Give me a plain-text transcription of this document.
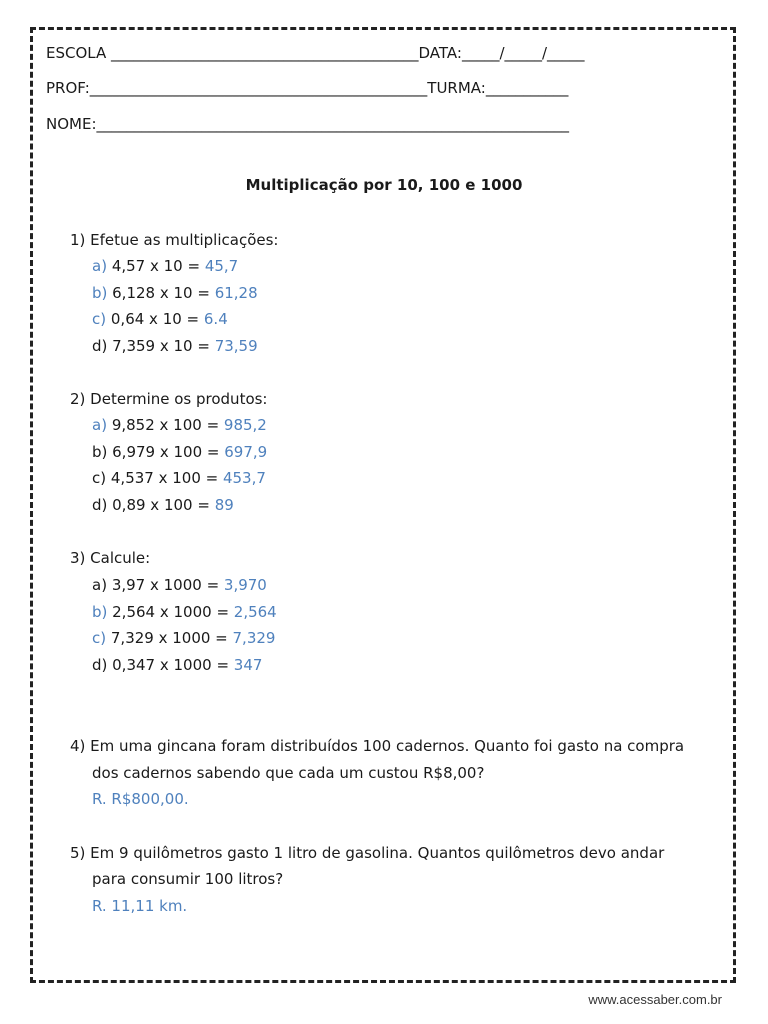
ESCOLA _________________________________________DATA:_____/_____/_____
PROF:_____________________________________________TURMA:___________
NOME:_______________________________________________________________
Multiplicação por 10, 100 e 1000
1) Efetue as multiplicações:
a) 4,57 x 10 = 45,7
b) 6,128 x 10 = 61,28
c) 0,64 x 10 = 6.4
d) 7,359 x 10 = 73,59
2) Determine os produtos:
a) 9,852 x 100 = 985,2
b) 6,979 x 100 = 697,9
c) 4,537 x 100 = 453,7
d) 0,89 x 100 = 89
3) Calcule:
a) 3,97 x 1000 = 3,970
b) 2,564 x 1000 = 2,564
c) 7,329 x 1000 = 7,329
d) 0,347 x 1000 = 347
4) Em uma gincana foram distribuídos 100 cadernos. Quanto foi gasto na compra
dos cadernos sabendo que cada um custou R$8,00?
R. R$800,00.
5) Em 9 quilômetros gasto 1 litro de gasolina. Quantos quilômetros devo andar
para consumir 100 litros?
R. 11,11 km.
www.acessaber.com.br
